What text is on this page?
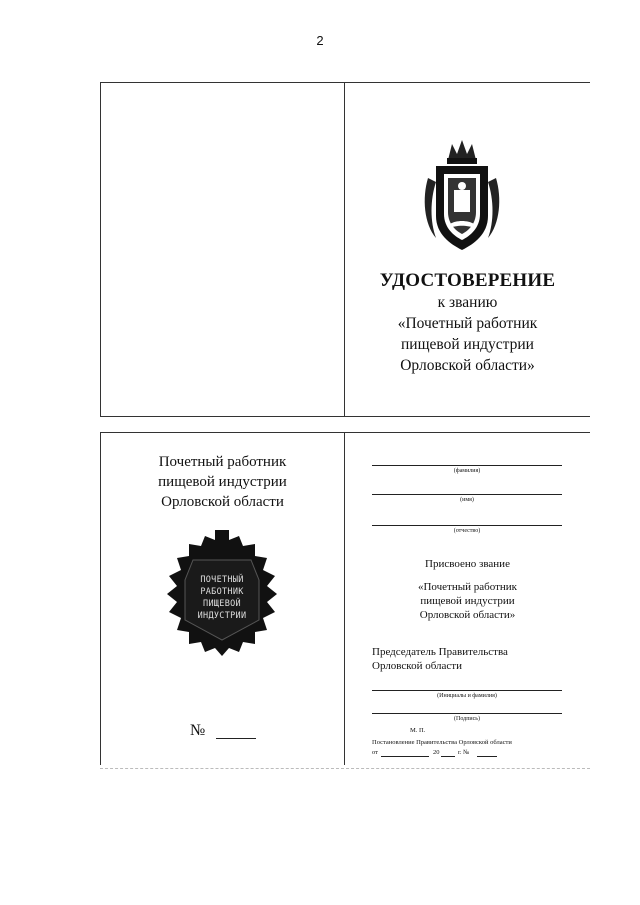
2
УДОСТОВЕРЕНИЕ
к званию
«Почетный работник
пищевой индустрии
Орловской области»
Почетный работник
пищевой индустрии
Орловской области
ПОЧЕТНЫЙ
РАБОТНИК
ПИЩЕВОЙ
ИНДУСТРИИ
№
(фамилия)
(имя)
(отчество)
Присвоено звание
«Почетный работник
пищевой индустрии
Орловской области»
Председатель Правительства
Орловской области
(Инициалы и фамилия)
(Подпись)
М. П.
Постановление Правительства Орловской области
от	20	г. №
